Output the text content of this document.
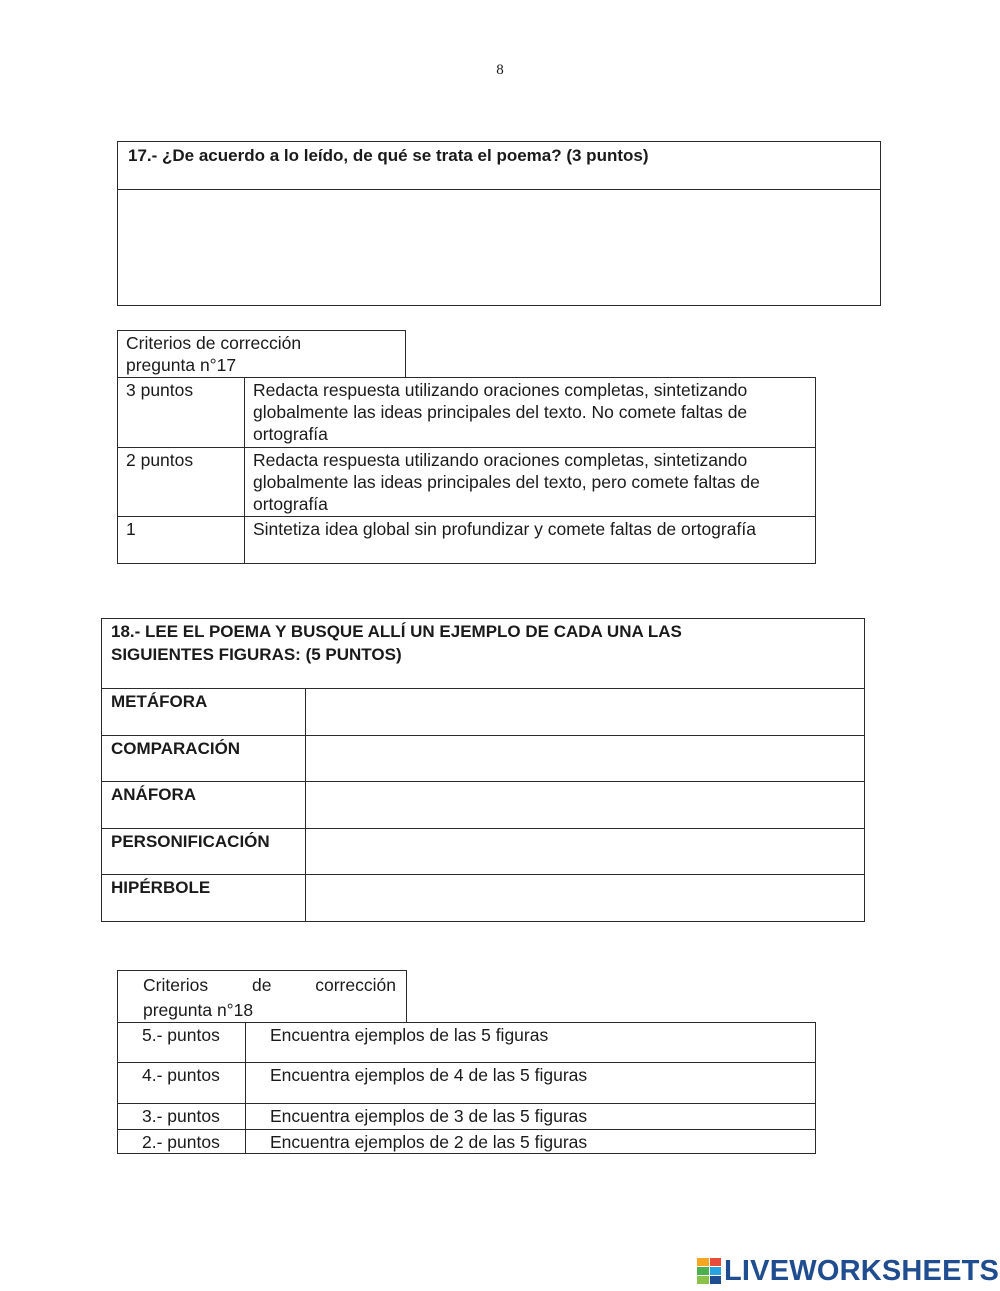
8
17.- ¿De acuerdo a lo leído, de qué se trata el poema? (3 puntos)
Criterios de corrección
pregunta n°17
3 puntos	Redacta respuesta utilizando oraciones completas, sintetizando globalmente las ideas principales del texto. No comete faltas de ortografía
2 puntos	Redacta respuesta utilizando oraciones completas, sintetizando globalmente las ideas principales del texto, pero comete faltas de ortografía
1	Sintetiza idea global sin profundizar y comete faltas de ortografía
18.- LEE EL POEMA Y BUSQUE ALLÍ UN EJEMPLO DE CADA UNA LAS
SIGUIENTES FIGURAS: (5 PUNTOS)	

METÁFORA	
COMPARACIÓN	
ANÁFORA	
PERSONIFICACIÓN	
HIPÉRBOLE	
Criterios	de	corrección
pregunta n°18
5.- puntos	Encuentra ejemplos de las 5 figuras
4.- puntos	Encuentra ejemplos de 4 de las 5 figuras
3.- puntos	Encuentra ejemplos de 3 de las 5 figuras
2.- puntos	Encuentra ejemplos de 2 de las 5 figuras
LIVEWORKSHEETS
